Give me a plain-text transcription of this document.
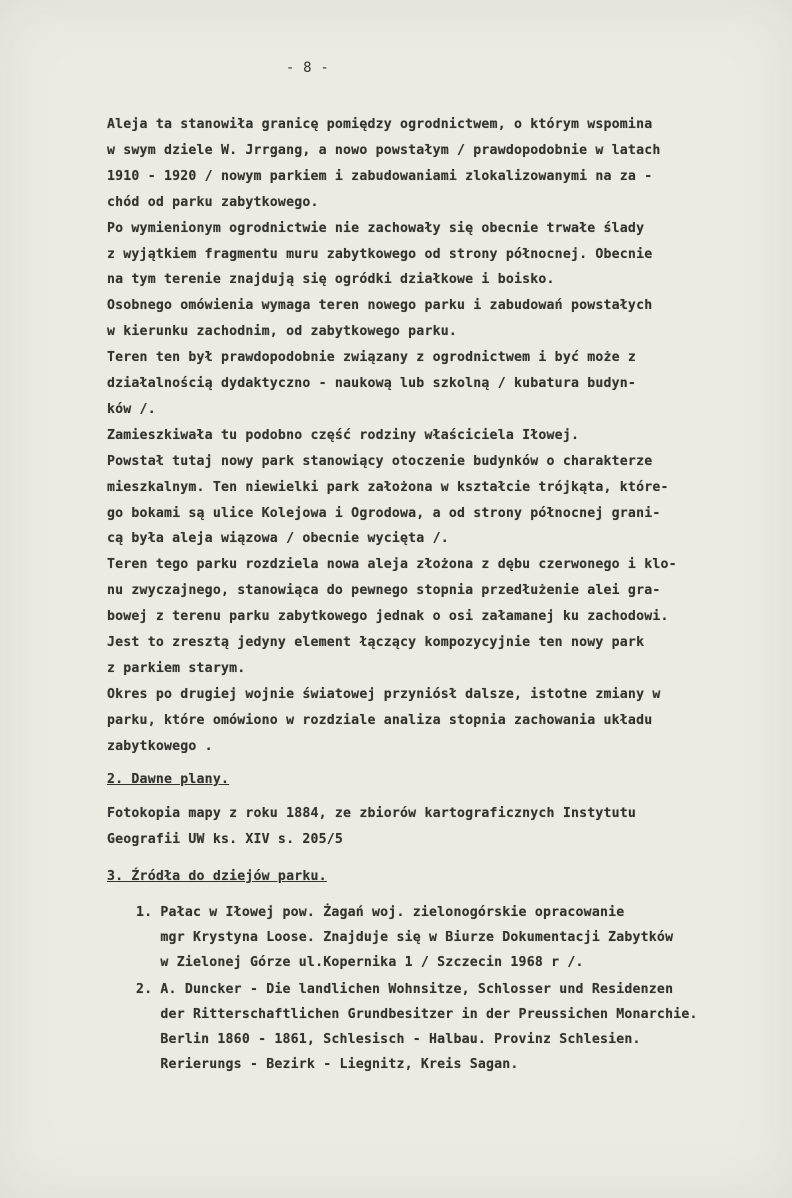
- 8 -
Aleja ta stanowiła granicę pomiędzy ogrodnictwem, o którym wspomina
w swym dziele W. Jrrgang, a nowo powstałym / prawdopodobnie w latach
1910 - 1920 / nowym parkiem i zabudowaniami zlokalizowanymi na za -
chód od parku zabytkowego.
Po wymienionym ogrodnictwie nie zachowały się obecnie trwałe ślady
z wyjątkiem fragmentu muru zabytkowego od strony północnej. Obecnie
na tym terenie znajdują się ogródki działkowe i boisko.
Osobnego omówienia wymaga teren nowego parku i zabudowań powstałych
w kierunku zachodnim, od zabytkowego parku.
Teren ten był prawdopodobnie związany z ogrodnictwem i być może z
działalnością dydaktyczno - naukową lub szkolną / kubatura budyn-
ków /.
Zamieszkiwała tu podobno część rodziny właściciela Iłowej.
Powstał tutaj nowy park stanowiący otoczenie budynków o charakterze
mieszkalnym. Ten niewielki park założona w kształcie trójkąta, które-
go bokami są ulice Kolejowa i Ogrodowa, a od strony północnej grani-
cą była aleja wiązowa / obecnie wycięta /.
Teren tego parku rozdziela nowa aleja złożona z dębu czerwonego i klo-
nu zwyczajnego, stanowiąca do pewnego stopnia przedłużenie alei gra-
bowej z terenu parku zabytkowego jednak o osi załamanej ku zachodowi.
Jest to zresztą jedyny element łączący kompozycyjnie ten nowy park
z parkiem starym.
Okres po drugiej wojnie światowej przyniósł dalsze, istotne zmiany w
parku, które omówiono w rozdziale analiza stopnia zachowania układu
zabytkowego .
2. Dawne plany.
Fotokopia mapy z roku 1884, ze zbiorów kartograficznych Instytutu
Geografii UW ks. XIV s. 205/5
3. Źródła do dziejów parku.
1. Pałac w Iłowej pow. Żagań woj. zielonogórskie opracowanie
mgr Krystyna Loose. Znajduje się w Biurze Dokumentacji Zabytków
w Zielonej Górze ul.Kopernika 1 / Szczecin 1968 r /.
2. A. Duncker - Die landlichen Wohnsitze, Schlosser und Residenzen
der Ritterschaftlichen Grundbesitzer in der Preussichen Monarchie.
Berlin 1860 - 1861, Schlesisch - Halbau. Provinz Schlesien.
Rerierungs - Bezirk - Liegnitz, Kreis Sagan.
